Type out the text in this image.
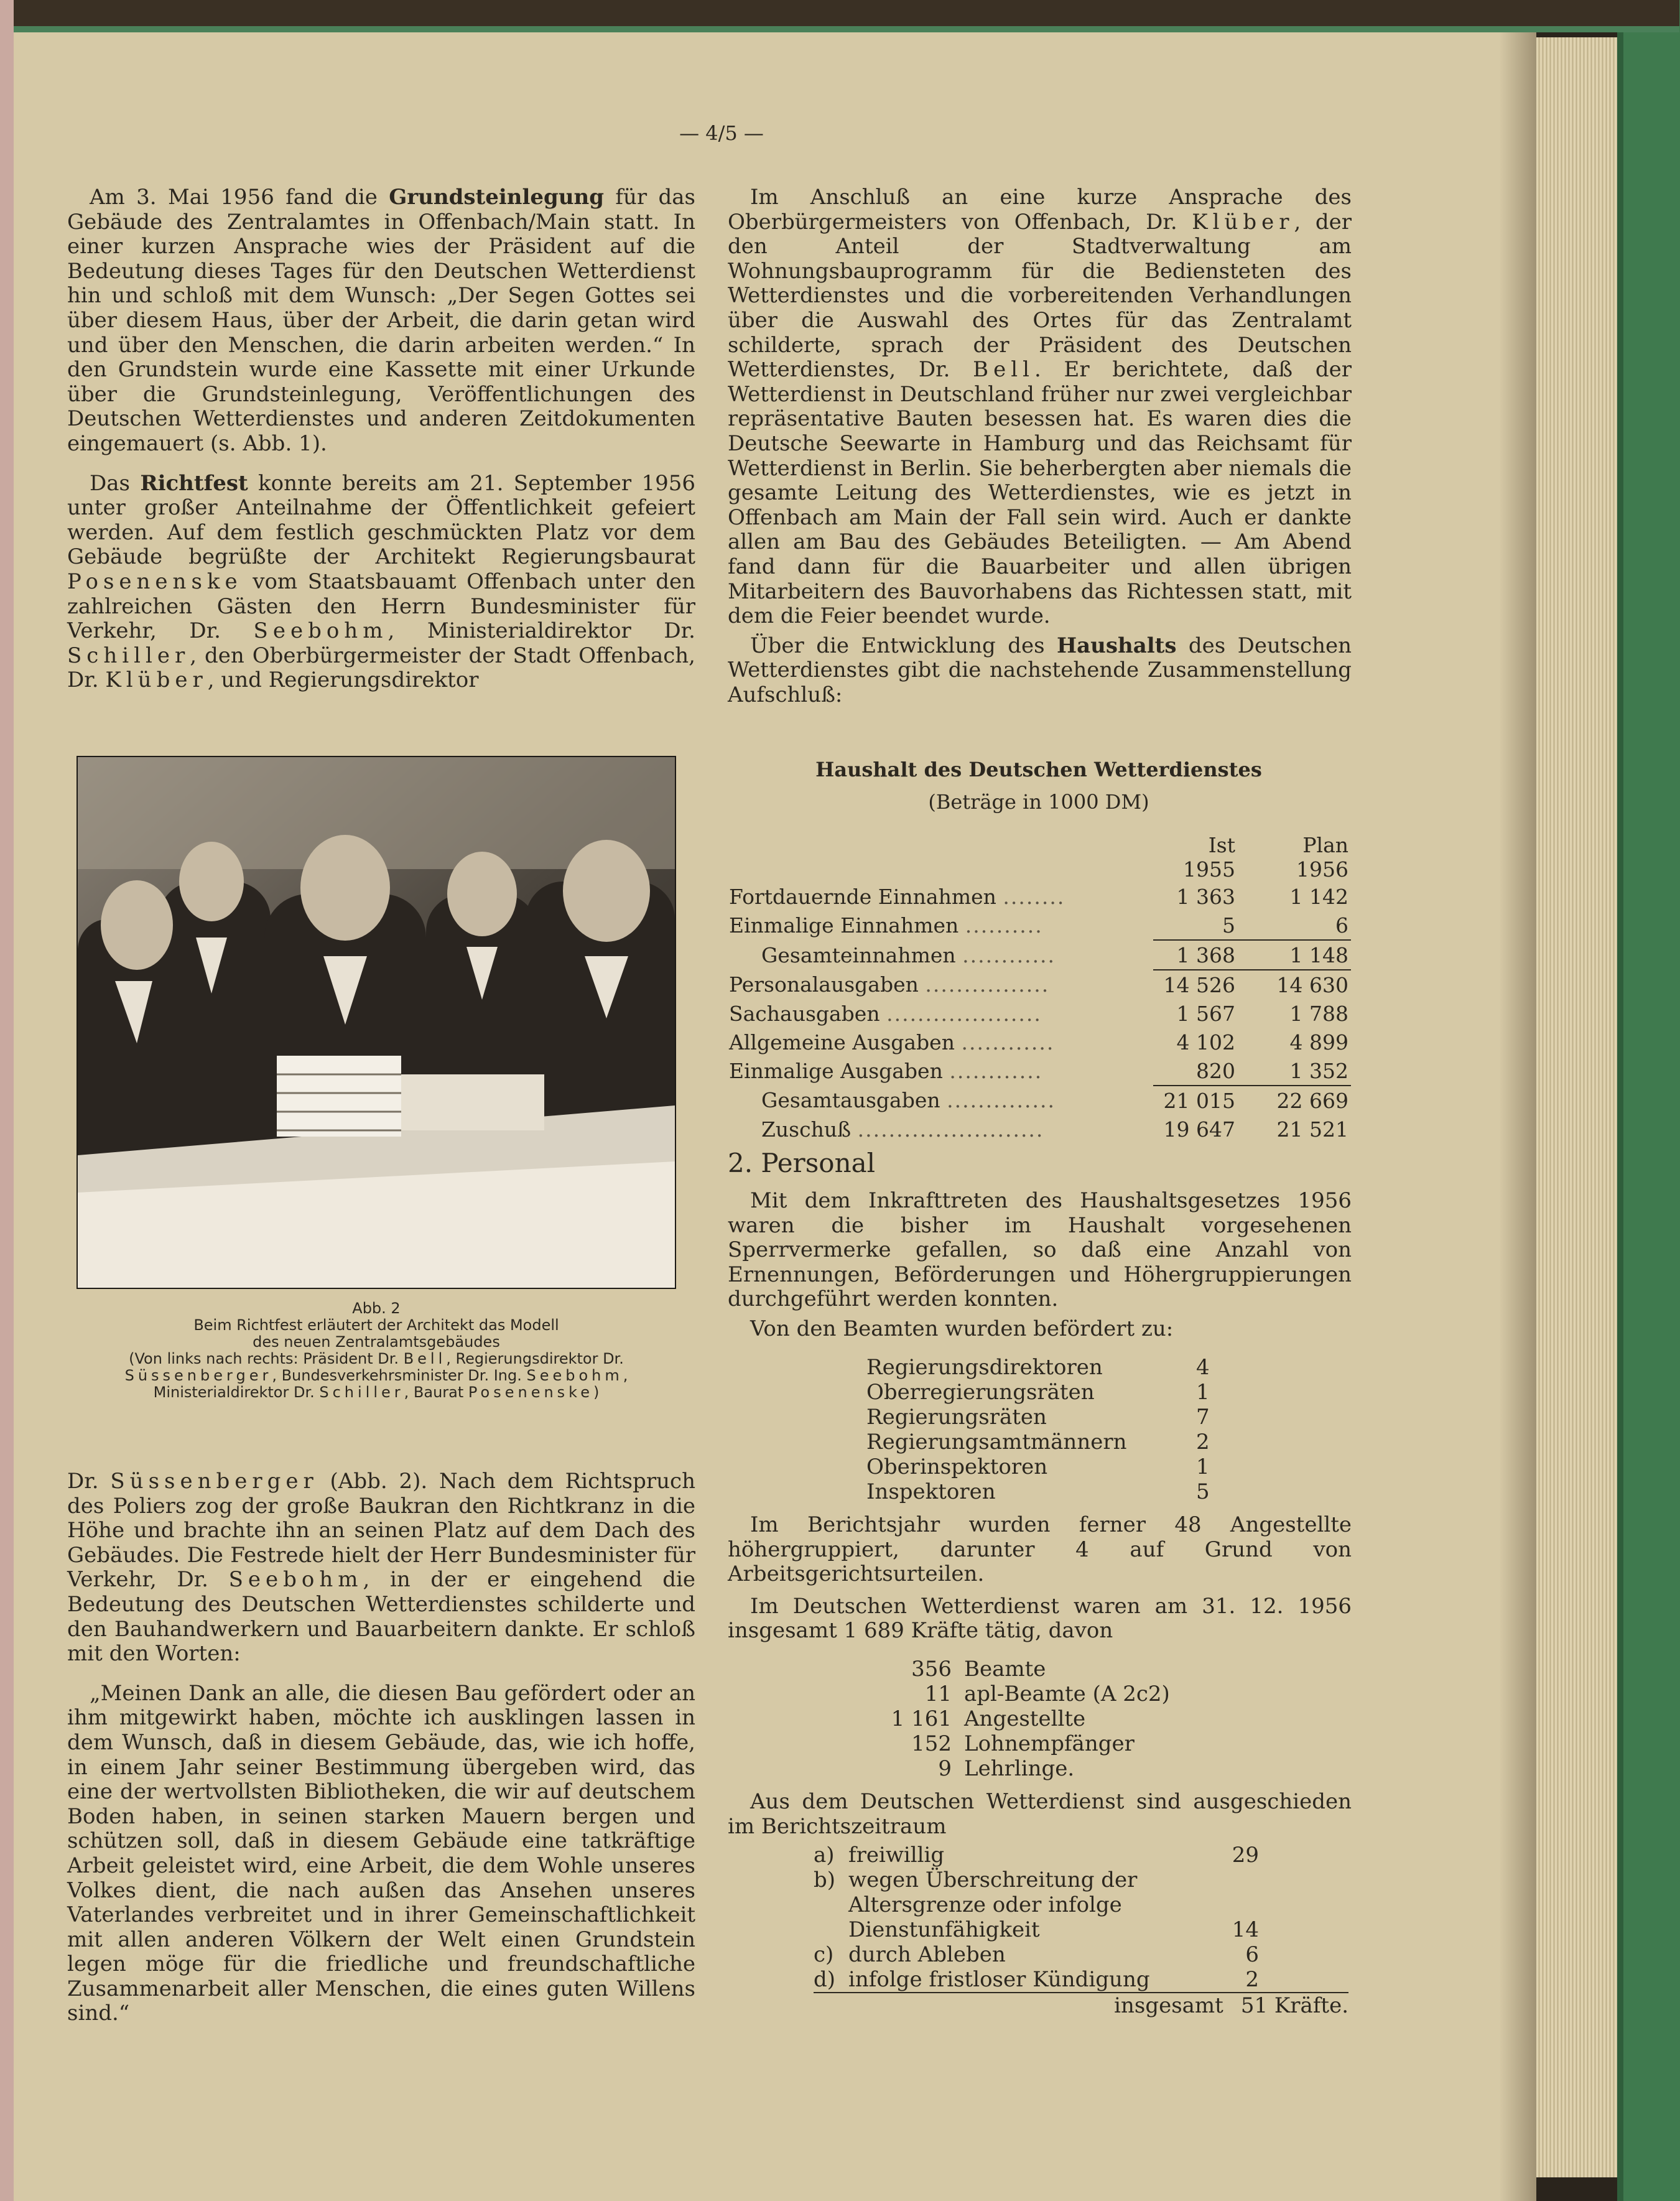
— 4/5 —

Am 3. Mai 1956 fand die Grundsteinlegung für das Gebäude des Zentralamtes in Offenbach/Main statt. In einer kurzen Ansprache wies der Präsident auf die Bedeutung dieses Tages für den Deutschen Wetterdienst hin und schloß mit dem Wunsch: „Der Segen Gottes sei über diesem Haus, über der Arbeit, die darin getan wird und über den Menschen, die darin arbeiten werden.“ In den Grundstein wurde eine Kassette mit einer Urkunde über die Grundsteinlegung, Veröffentlichungen des Deutschen Wetterdienstes und anderen Zeitdokumenten eingemauert (s. Abb. 1).

Das Richtfest konnte bereits am 21. September 1956 unter großer Anteilnahme der Öffentlichkeit gefeiert werden. Auf dem festlich geschmückten Platz vor dem Gebäude begrüßte der Architekt Regierungsbaurat Posenenske vom Staatsbauamt Offenbach unter den zahlreichen Gästen den Herrn Bundesminister für Verkehr, Dr. Seebohm, Ministerialdirektor Dr. Schiller, den Oberbürgermeister der Stadt Offenbach, Dr. Klüber, und Regierungsdirektor

Abb. 2
Beim Richtfest erläutert der Architekt das Modell
des neuen Zentralamtsgebäudes
(Von links nach rechts: Präsident Dr. Bell, Regierungsdirektor Dr. Süssenberger, Bundesverkehrsminister Dr. Ing. Seebohm, Ministerialdirektor Dr. Schiller, Baurat Posenenske)

Dr. Süssenberger (Abb. 2). Nach dem Richtspruch des Poliers zog der große Baukran den Richtkranz in die Höhe und brachte ihn an seinen Platz auf dem Dach des Gebäudes. Die Festrede hielt der Herr Bundesminister für Verkehr, Dr. Seebohm, in der er eingehend die Bedeutung des Deutschen Wetterdienstes schilderte und den Bauhandwerkern und Bauarbeitern dankte. Er schloß mit den Worten:

„Meinen Dank an alle, die diesen Bau gefördert oder an ihm mitgewirkt haben, möchte ich ausklingen lassen in dem Wunsch, daß in diesem Gebäude, das, wie ich hoffe, in einem Jahr seiner Bestimmung übergeben wird, das eine der wertvollsten Bibliotheken, die wir auf deutschem Boden haben, in seinen starken Mauern bergen und schützen soll, daß in diesem Gebäude eine tatkräftige Arbeit geleistet wird, eine Arbeit, die dem Wohle unseres Volkes dient, die nach außen das Ansehen unseres Vaterlandes verbreitet und in ihrer Gemeinschaftlichkeit mit allen anderen Völkern der Welt einen Grundstein legen möge für die friedliche und freundschaftliche Zusammenarbeit aller Menschen, die eines guten Willens sind.“

Im Anschluß an eine kurze Ansprache des Oberbürgermeisters von Offenbach, Dr. Klüber, der den Anteil der Stadtverwaltung am Wohnungsbauprogramm für die Bediensteten des Wetterdienstes und die vorbereitenden Verhandlungen über die Auswahl des Ortes für das Zentralamt schilderte, sprach der Präsident des Deutschen Wetterdienstes, Dr. Bell. Er berichtete, daß der Wetterdienst in Deutschland früher nur zwei vergleichbar repräsentative Bauten besessen hat. Es waren dies die Deutsche Seewarte in Hamburg und das Reichsamt für Wetterdienst in Berlin. Sie beherbergten aber niemals die gesamte Leitung des Wetterdienstes, wie es jetzt in Offenbach am Main der Fall sein wird. Auch er dankte allen am Bau des Gebäudes Beteiligten. — Am Abend fand dann für die Bauarbeiter und allen übrigen Mitarbeitern des Bauvorhabens das Richtessen statt, mit dem die Feier beendet wurde.

Über die Entwicklung des Haushalts des Deutschen Wetterdienstes gibt die nachstehende Zusammenstellung Aufschluß:

Haushalt des Deutschen Wetterdienstes
(Beträge in 1000 DM)
	Ist 1955	Plan 1956
Fortdauernde Einnahmen ........	1 363	1 142
Einmalige Einnahmen ..........	5	6
Gesamteinnahmen ............	1 368	1 148
Personalausgaben ................	14 526	14 630
Sachausgaben ....................	1 567	1 788
Allgemeine Ausgaben ............	4 102	4 899
Einmalige Ausgaben ............	820	1 352
Gesamtausgaben ..............	21 015	22 669
Zuschuß ........................	19 647	21 521
2. Personal

Mit dem Inkrafttreten des Haushaltsgesetzes 1956 waren die bisher im Haushalt vorgesehenen Sperrvermerke gefallen, so daß eine Anzahl von Ernennungen, Beförderungen und Höhergruppierungen durchgeführt werden konnten.

Von den Beamten wurden befördert zu:

Regierungsdirektoren	4
Oberregierungsräten	1
Regierungsräten	7
Regierungsamtmännern	2
Oberinspektoren	1
Inspektoren	5

Im Berichtsjahr wurden ferner 48 Angestellte höhergruppiert, darunter 4 auf Grund von Arbeitsgerichtsurteilen.

Im Deutschen Wetterdienst waren am 31. 12. 1956 insgesamt 1 689 Kräfte tätig, davon

356 Beamte
11 apl-Beamte (A 2c2)
1 161 Angestellte
152 Lohnempfänger
9 Lehrlinge.

Aus dem Deutschen Wetterdienst sind ausgeschieden im Berichtszeitraum

a) freiwillig	29
b) wegen Überschreitung der
Altersgrenze oder infolge
Dienstunfähigkeit	14
c) durch Ableben	6
d) infolge fristloser Kündigung	2
insgesamt 51 Kräfte.
